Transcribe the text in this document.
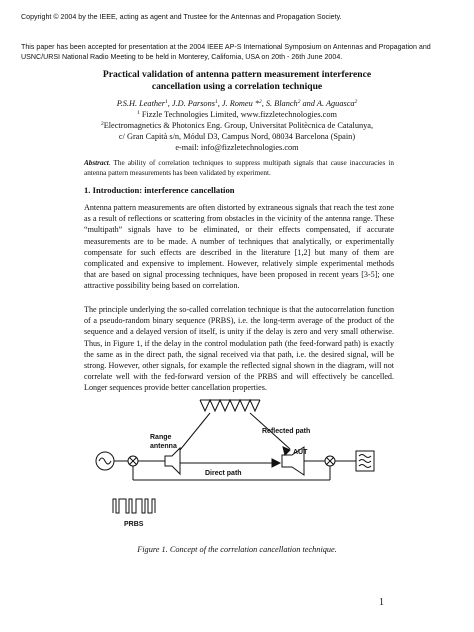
Copyright © 2004 by the IEEE, acting as agent and Trustee for the Antennas and Propagation Society.
This paper has been accepted for presentation at the 2004 IEEE AP-S International Symposium on Antennas and Propagation and USNC/URSI National Radio Meeting to be held in Monterey, California, USA on 20th - 26th June 2004.
Practical validation of antenna pattern measurement interference
cancellation using a correlation technique
P.S.H. Leather$^1$, J.D. Parsons$^1$, J. Romeu *$^2$, S. Blanch$^2$ and A. Aguasca$^2$
$^1$ Fizzle Technologies Limited, www.fizzletechnologies.com
$^2$Electromagnetics & Photonics Eng. Group, Universitat Politècnica de Catalunya,
c/ Gran Capità s/n, Módul D3, Campus Nord, 08034 Barcelona (Spain)
e-mail: info@fizzletechnologies.com
Abstract. The ability of correlation techniques to suppress multipath signals that cause inaccuracies in antenna pattern measurements has been validated by experiment.
1. Introduction: interference cancellation
Antenna pattern measurements are often distorted by extraneous signals that reach the test zone as a result of reflections or scattering from obstacles in the vicinity of the antenna range. These “multipath” signals have to be eliminated, or their effects compensated, if accurate measurements are to be made. A number of techniques that analytically, or experimentally compensate for such effects are described in the literature [1,2] but many of them are complicated and expensive to implement. However, relatively simple experimental methods that are based on signal processing techniques, have been proposed in recent years [3-5]; one attractive possibility being based on correlation.
The principle underlying the so-called correlation technique is that the autocorrelation function of a pseudo-random binary sequence (PRBS), i.e. the long-term average of the product of the sequence and a delayed version of itself, is unity if the delay is zero and very small otherwise. Thus, in Figure 1, if the delay in the control modulation path (the feed-forward path) is exactly the same as in the direct path, the signal received via that path, i.e. the desired signal, will be strong. However, other signals, for example the reflected signal shown in the diagram, will not correlate well with the fed-forward version of the PRBS and will effectively be cancelled. Longer sequences provide better cancellation properties.
Range
antenna
Reflected path
AUT
Direct path
PRBS
Figure 1. Concept of the correlation cancellation technique.
1
